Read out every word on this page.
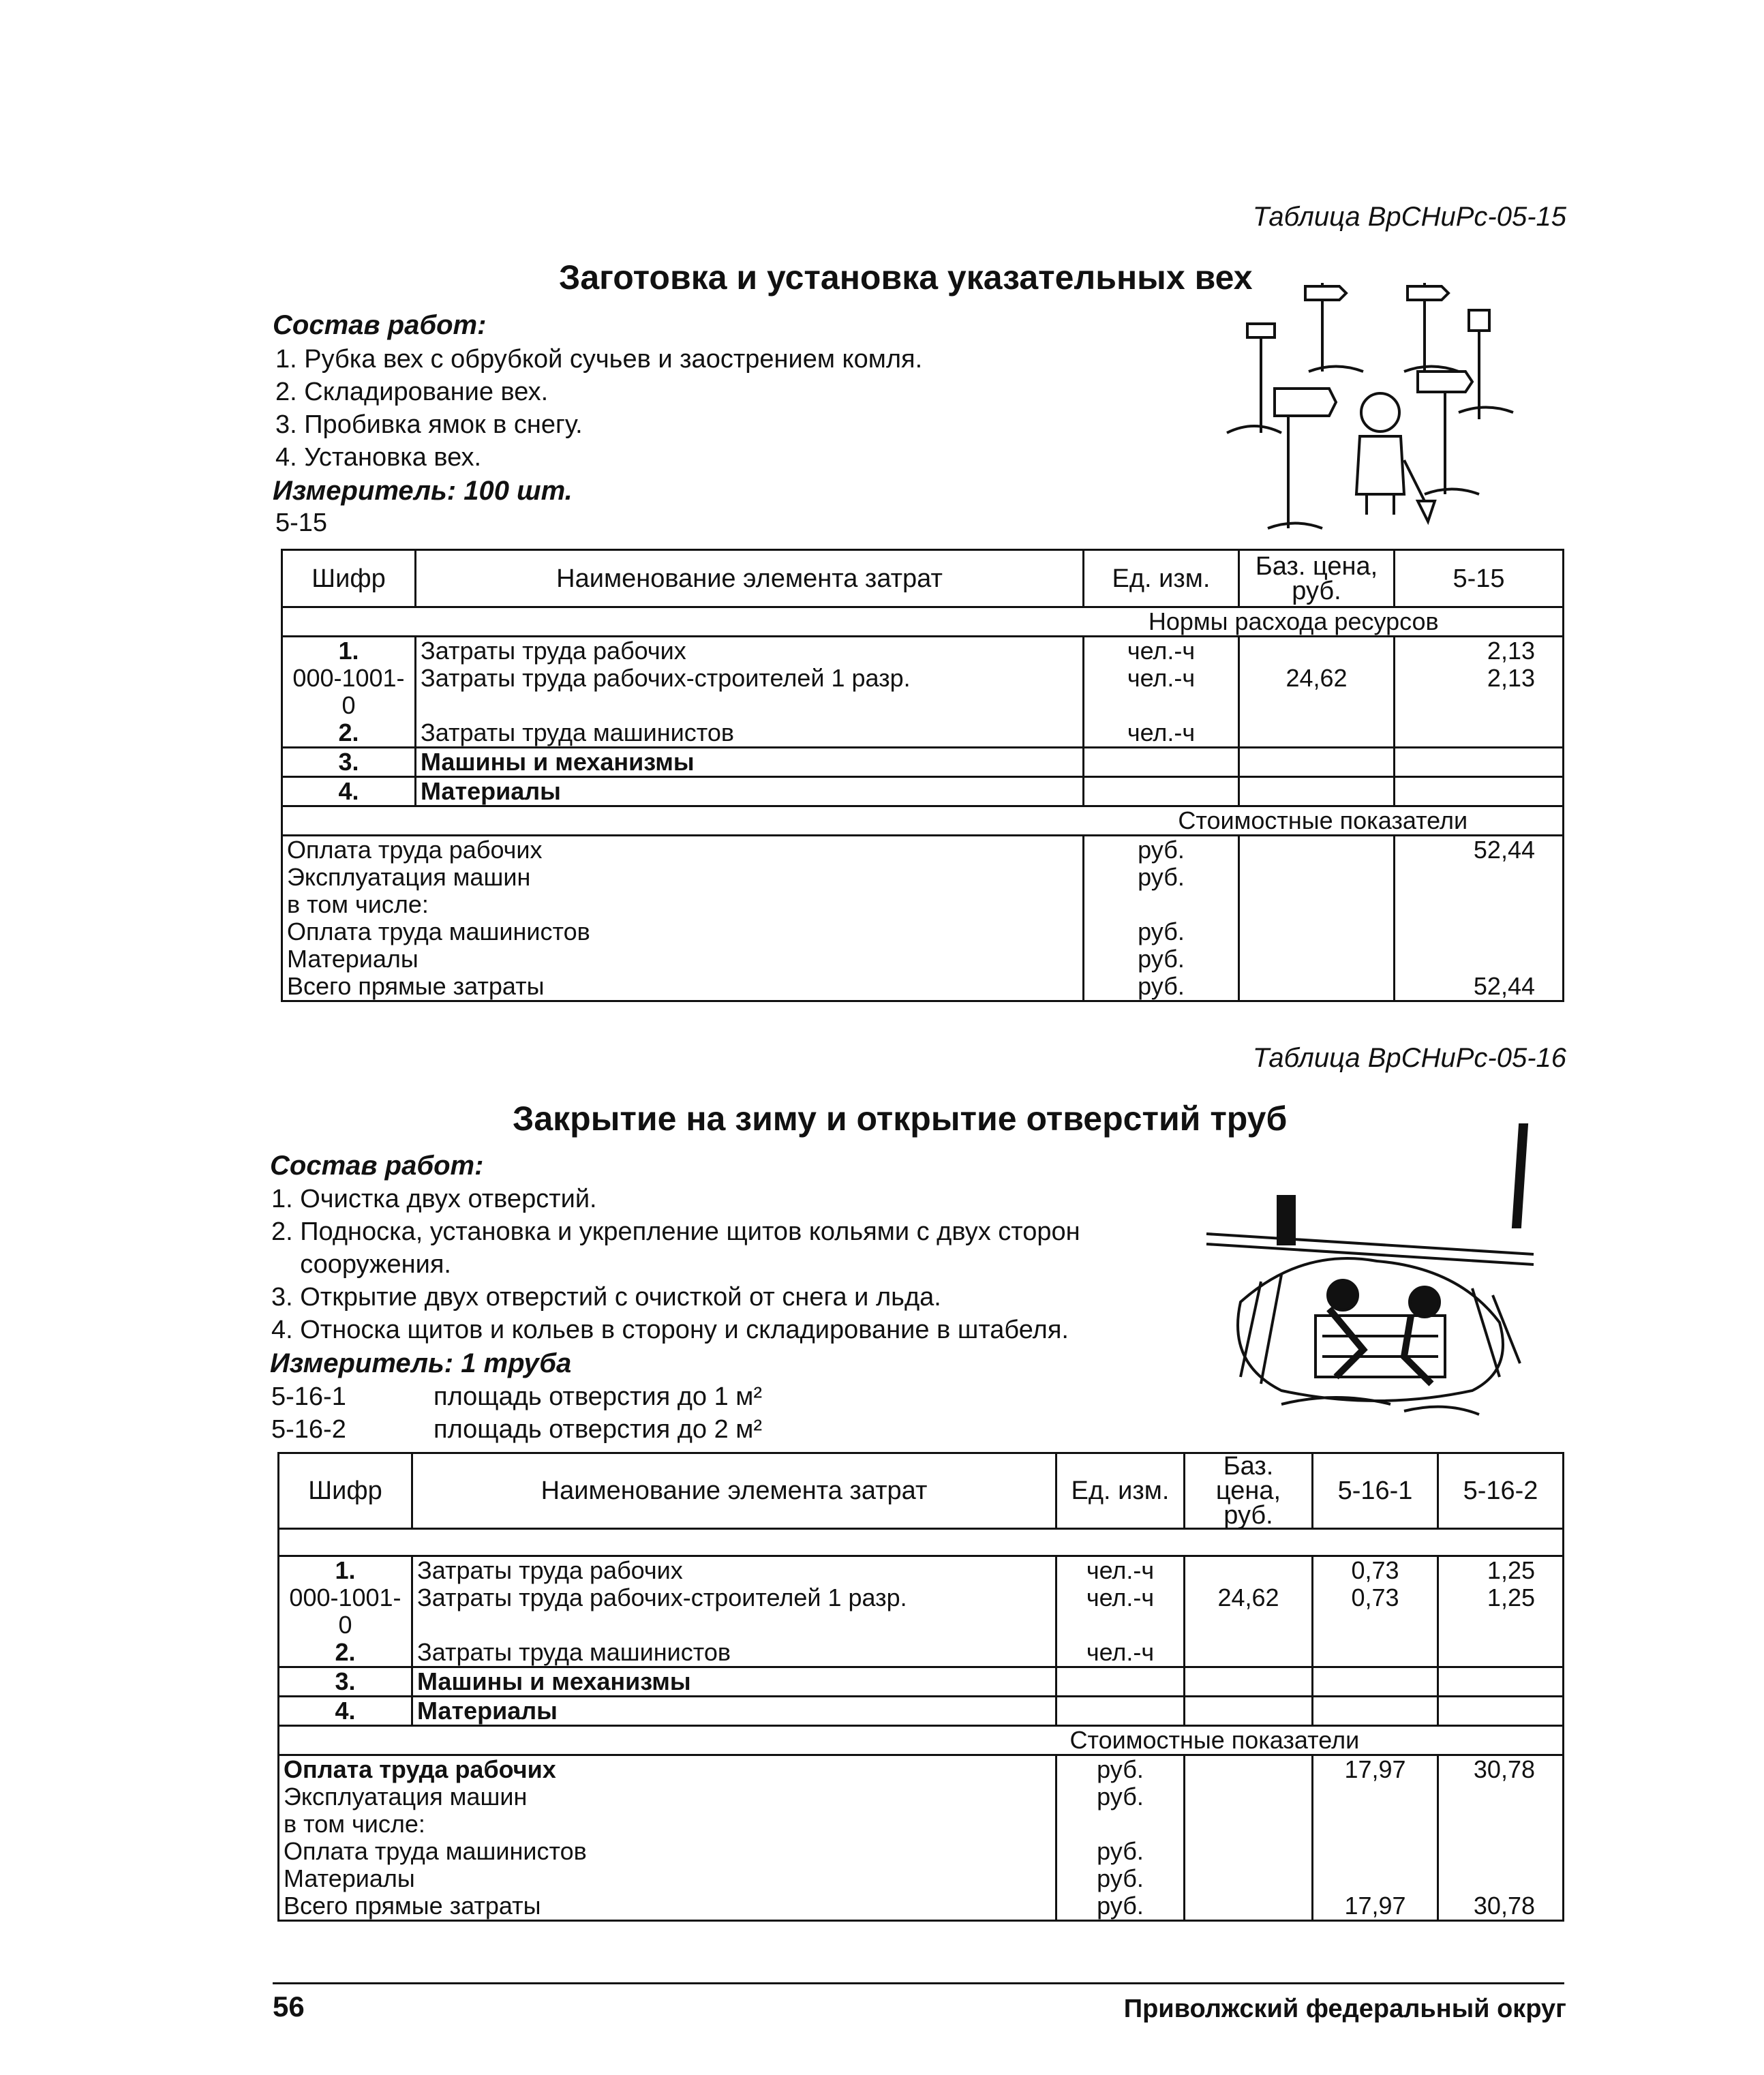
Таблица ВрСНиРс-05-15
Заготовка и установка указательных вех
Состав работ:
1. Рубка вех с обрубкой сучьев и заострением комля.
2. Складирование вех.
3. Пробивка ямок в снегу.
4. Установка вех.
Измеритель: 100 шт.
5-15
Шифр	Наименование элемента затрат	Ед. изм.	Баз. цена, руб.	5-15
	Нормы расхода ресурсов			
1.	Затраты труда рабочих	чел.-ч		2,13
000-1001-0	Затраты труда рабочих-строителей 1 разр.	чел.-ч	24,62	2,13
2.	Затраты труда машинистов	чел.-ч		
3.	Машины и механизмы			
4.	Материалы			
		Стоимостные показатели		
Оплата труда рабочих		руб.		52,44
Эксплуатация машин		руб.		
в том числе:				
Оплата труда машинистов		руб.		
Материалы		руб.		
Всего прямые затраты		руб.		52,44
Таблица ВрСНиРс-05-16
Закрытие на зиму и открытие отверстий труб
Состав работ:
1. Очистка двух отверстий.
2. Подноска, установка и укрепление щитов кольями с двух сторон
сооружения.
3. Открытие двух отверстий с очисткой от снега и льда.
4. Относка щитов и кольев в сторону и складирование в штабеля.
Измеритель: 1 труба
5-16-1	площадь отверстия до 1 м²
5-16-2	площадь отверстия до 2 м²
Шифр	Наименование элемента затрат	Ед. изм.	Баз. цена, руб.	5-16-1	5-16-2

1.	Затраты труда рабочих	чел.-ч		0,73	1,25
000-1001-0	Затраты труда рабочих-строителей 1 разр.	чел.-ч	24,62	0,73	1,25
2.	Затраты труда машинистов	чел.-ч			
3.	Машины и механизмы				
4.	Материалы				
		Стоимостные показатели			
Оплата труда рабочих		руб.		17,97	30,78
Эксплуатация машин		руб.			
в том числе:					
Оплата труда машинистов		руб.			
Материалы		руб.			
Всего прямые затраты		руб.		17,97	30,78
56	Приволжский федеральный округ
